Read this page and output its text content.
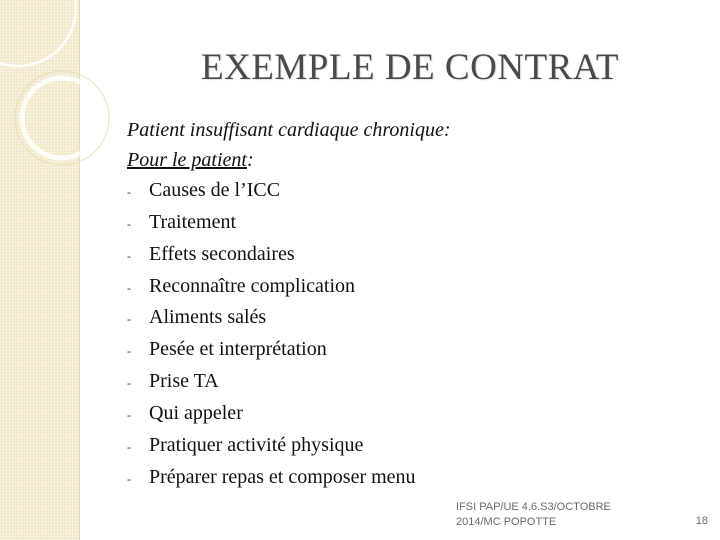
EXEMPLE DE CONTRAT
Patient insuffisant cardiaque chronique:
Pour le patient:
- Causes de l’ICC
- Traitement
- Effets secondaires
- Reconnaître complication
- Aliments salés
- Pesée et interprétation
- Prise TA
- Qui appeler
- Pratiquer activité physique
- Préparer repas et composer menu
IFSI PAP/UE 4.6.S3/OCTOBRE
2014/MC POPOTTE	18
